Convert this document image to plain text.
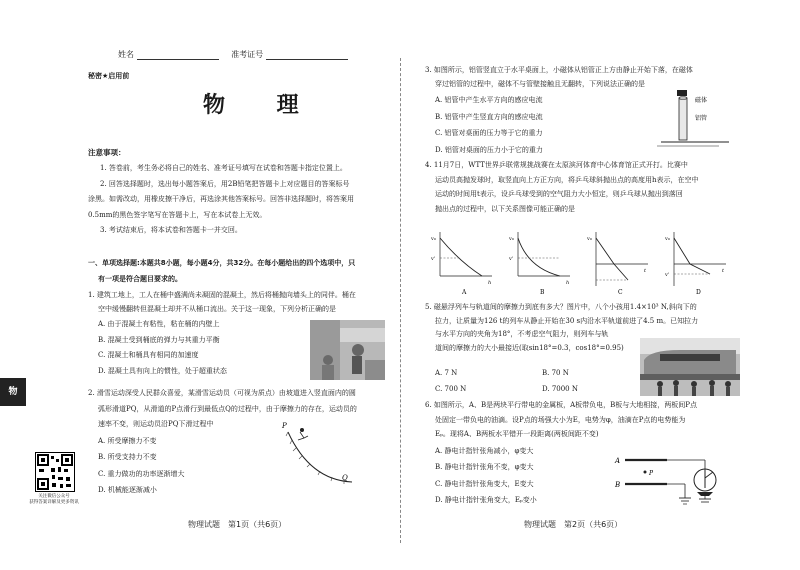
姓名	准考证号
秘密★启用前
物 理
注意事项：
1. 答卷前，考生务必将自己的姓名、准考证号填写在试卷和答题卡指定位置上。
2. 回答选择题时，选出每小题答案后，用2B铅笔把答题卡上对应题目的答案标号
涂黑。如需改动，用橡皮擦干净后，再选涂其他答案标号。回答非选择题时，将答案用
0.5mm的黑色签字笔写在答题卡上，写在本试卷上无效。
3. 考试结束后，将本试卷和答题卡一并交回。
一、单项选择题:本题共8小题，每小题4分，共32分。在每小题给出的四个选项中，只
有一项是符合题目要求的。
1. 建筑工地上，工人在桶中盛满尚未凝固的混凝土，然后将桶抛向墙头上的同伴。桶在
空中缓慢翻转但混凝土却并不从桶口流出。关于这一现象，下列分析正确的是
A. 由于混凝土有粘性，粘在桶的内壁上
B. 混凝土受到桶底的弹力与其重力平衡
C. 混凝土和桶具有相同的加速度
D. 混凝土具有向上的惯性，处于超重状态
2. 滑雪运动深受人民群众喜爱，某滑雪运动员（可视为质点）由坡道进入竖直面内的圆
弧形滑道PQ，从滑道的P点滑行到最低点Q的过程中，由于摩擦力的存在，运动员的
速率不变，则运动员沿PQ下滑过程中
A. 所受摩擦力不变
B. 所受支持力不变
C. 重力做功的功率逐渐增大
D. 机械能逐渐减小
P
Q
关注微信公众号
获得答案详解及更多资讯
物理试题　第1页（共6页）
物
3. 如图所示，铝管竖直立于水平桌面上，小磁体从铝管正上方由静止开始下落，在磁体
穿过铝管的过程中，磁体不与管壁接触且无翻转，下列说法正确的是
A. 铝管中产生水平方向的感应电流
B. 铝管中产生竖直方向的感应电流
C. 铝管对桌面的压力等于它的重力
D. 铝管对桌面的压力小于它的重力
磁体
铝管
4. 11月7日，WTT世界乒联常规挑战赛在太原滨河体育中心体育馆正式开打。比赛中
运动员高抛发球时，取竖直向上方正方向，将乒乓球斜抛出点的高度用h表示，在空中
运动的时间用t表示，设乒乓球受到的空气阻力大小恒定，则乒乓球从抛出到落回
抛出点的过程中，以下关系图像可能正确的是
v₀
v'
h
A
v₀
v'
h
B
v₀
t
C
v₀
v'
t
D
5. 磁悬浮列车与轨道间的摩擦力到底有多大？图片中，八个小孩用1.4×10³ N,斜向下的
拉力，让质量为126 t的列车从静止开始在30 s内沿水平轨道前进了4.5 m。已知拉力
与水平方向的夹角为18°，不考虑空气阻力，则列车与轨
道间的摩擦力的大小最接近(取sin18°=0.3，cos18°=0.95)
A. 7 N	B. 70 N
C. 700 N	D. 7000 N
6. 如图所示，A、B是两块平行带电的金属板，A板带负电，B板与大地相接，两板间P点
处固定一带负电的油滴。设P点的场强大小为E，电势为φ，油滴在P点的电势能为
Eₚ。现将A、B两板水平错开一段距离(两板间距不变)
A. 静电计指针张角减小，φ变大
B. 静电计指针张角不变，φ变大
C. 静电计指针张角变大，E变大
D. 静电计指针张角变大，Eₚ变小
A
B
P
物理试题　第2页（共6页）
